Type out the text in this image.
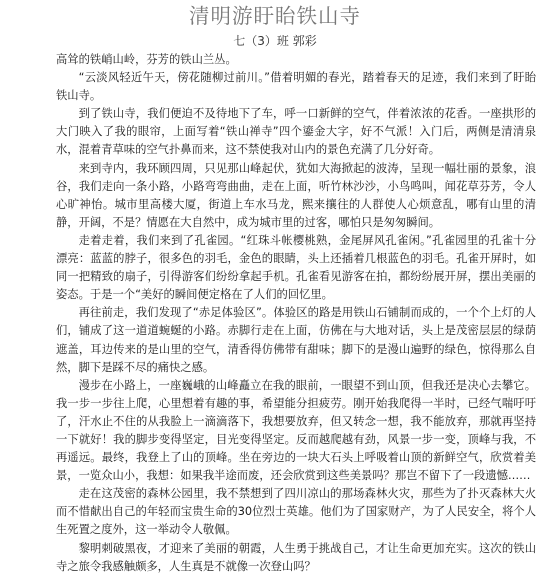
清明游盱眙铁山寺
七（3）班 郭彩

高耸的铁峭山岭，芬芳的铁山兰丛。

“云淡风轻近午天，傍花随柳过前川。”借着明媚的春光，踏着春天的足迹，我们来到了盱眙铁山寺。

到了铁山寺，我们便迫不及待地下了车，呼一口新鲜的空气，伴着浓浓的花香。一座拱形的大门映入了我的眼帘，上面写着“铁山禅寺”四个鎏金大字，好不气派！入门后，两侧是清清泉水，混着青草味的空气扑鼻而来，这不禁使我对山内的景色充满了几分好奇。

来到寺内，我环顾四周，只见那山峰起伏，犹如大海掀起的波涛，呈现一幅壮丽的景象，浪谷，我们走向一条小路，小路弯弯曲曲，走在上面，听竹林沙沙，小鸟鸣叫，闻花草芬芳，令人心旷神怡。城市里高楼大厦，街道上车水马龙，熙来攘往的人群使人心烦意乱，哪有山里的清静，开阔，不是？情愿在大自然中，成为城市里的过客，哪怕只是匆匆瞬间。

走着走着，我们来到了孔雀园。“红珠斗帐樱桃熟，金尾屏风孔雀闲。”孔雀园里的孔雀十分漂亮：蓝蓝的脖子，很多色的羽毛，金色的眼睛，头上还插着几根蓝色的羽毛。孔雀开屏时，如同一把精致的扇子，引得游客们纷纷拿起手机。孔雀看见游客在拍，都纷纷展开屏，摆出美丽的姿态。于是一个“美好的瞬间便定格在了人们的回忆里。

再往前走，我们发现了“赤足体验区”。体验区的路是用铁山石铺制而成的，一个个上灯的人们，铺成了这一道道蜿蜒的小路。赤脚行走在上面，仿佛在与大地对话，头上是茂密层层的绿荫遮盖，耳边传来的是山里的空气，清香得仿佛带有甜味；脚下的是漫山遍野的绿色，惊得那么自然，脚下是踩不尽的痛快之感。

漫步在小路上，一座巍峨的山峰矗立在我的眼前，一眼望不到山顶，但我还是决心去攀它。我一步一步往上爬，心里想着有趣的事，希望能分担疲劳。刚开始我爬得一半时，已经气喘吁吁了，汗水止不住的从我脸上一滴滴落下，我想要放弃，但又转念一想，我不能放弃，那就再坚持一下就好！我的脚步变得坚定，目光变得坚定。反而越爬越有劲，风景一步一变，顶峰与我，不再遥远。最终，我登上了山的顶峰。坐在旁边的一块大石头上呼吸着山顶的新鲜空气，欣赏着美景，一览众山小，我想：如果我半途而废，还会欣赏到这些美景吗？那岂不留下了一段遗憾……

走在这茂密的森林公园里，我不禁想到了四川凉山的那场森林火灾，那些为了扑灭森林大火而不惜献出自己的年轻而宝贵生命的30位烈士英雄。他们为了国家财产，为了人民安全，将个人生死置之度外，这一举动令人敬佩。

黎明刺破黑夜，才迎来了美丽的朝霞，人生勇于挑战自己，才让生命更加充实。这次的铁山寺之旅令我感触颇多，人生真是不就像一次登山吗？
